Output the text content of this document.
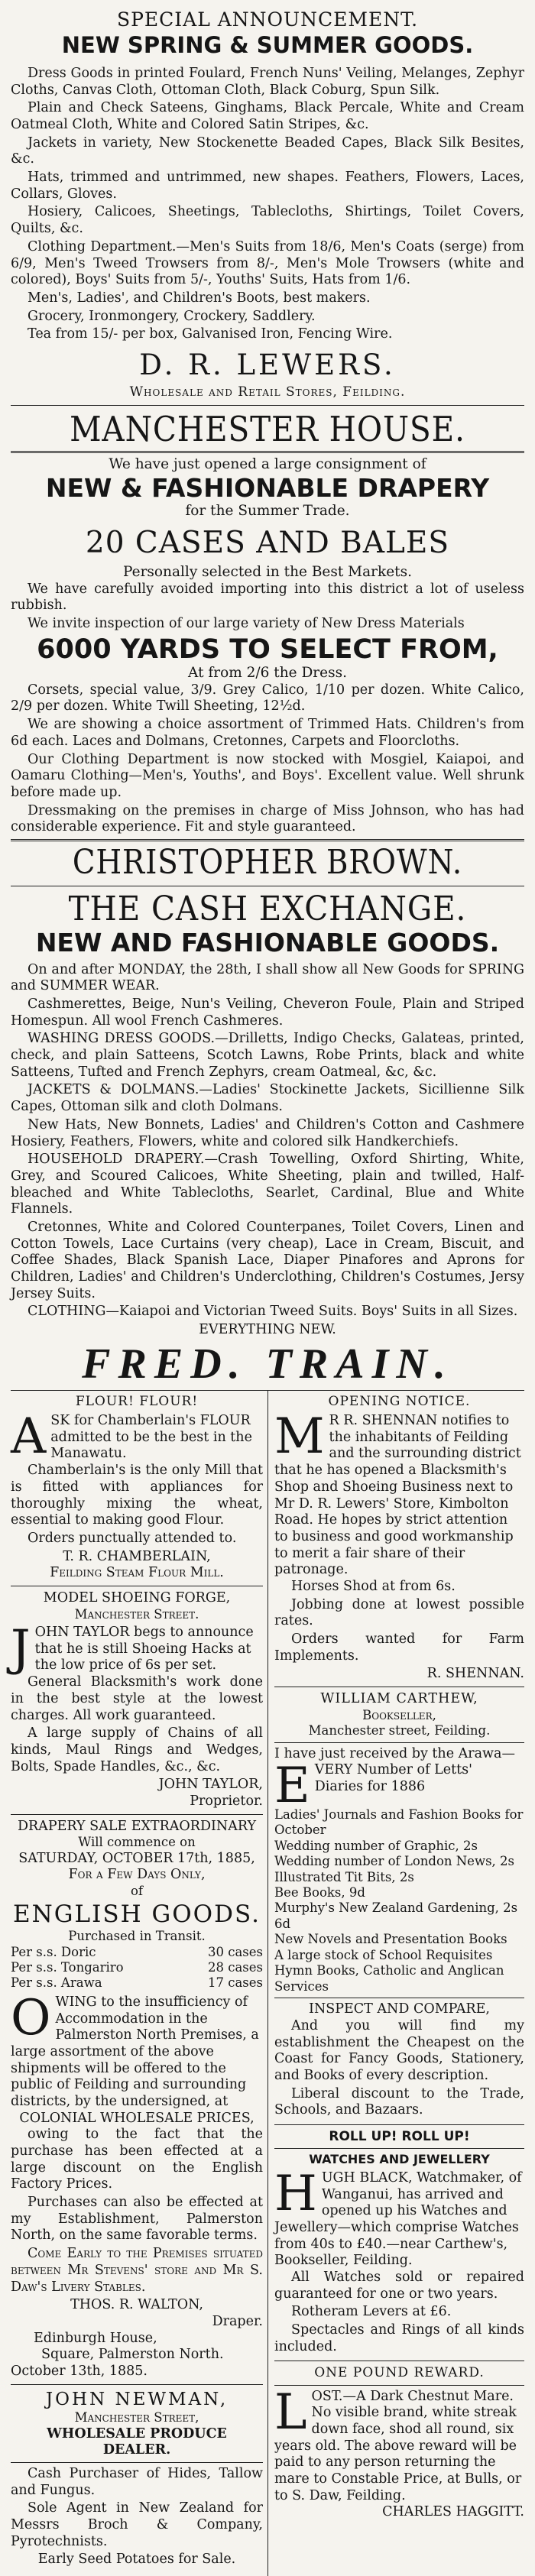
SPECIAL ANNOUNCEMENT.
NEW SPRING & SUMMER GOODS.

Dress Goods in printed Foulard, French Nuns' Veiling, Melanges, Zephyr Cloths, Canvas Cloth, Ottoman Cloth, Black Coburg, Spun Silk.

Plain and Check Sateens, Ginghams, Black Percale, White and Cream Oatmeal Cloth, White and Colored Satin Stripes, &c.

Jackets in variety, New Stockenette Beaded Capes, Black Silk Besites, &c.

Hats, trimmed and untrimmed, new shapes. Feathers, Flowers, Laces, Collars, Gloves.

Hosiery, Calicoes, Sheetings, Tablecloths, Shirtings, Toilet Covers, Quilts, &c.

Clothing Department.—Men's Suits from 18/6, Men's Coats (serge) from 6/9, Men's Tweed Trowsers from 8/-, Men's Mole Trowsers (white and colored), Boys' Suits from 5/-, Youths' Suits, Hats from 1/6.

Men's, Ladies', and Children's Boots, best makers.

Grocery, Ironmongery, Crockery, Saddlery.

Tea from 15/- per box, Galvanised Iron, Fencing Wire.

D. R. LEWERS.
Wholesale and Retail Stores, Feilding.
MANCHESTER HOUSE.
We have just opened a large consignment of
NEW & FASHIONABLE DRAPERY
for the Summer Trade.
20 CASES AND BALES
Personally selected in the Best Markets.

We have carefully avoided importing into this district a lot of useless rubbish.

We invite inspection of our large variety of New Dress Materials

6000 YARDS TO SELECT FROM,
At from 2/6 the Dress.

Corsets, special value, 3/9. Grey Calico, 1/10 per dozen. White Calico, 2/9 per dozen. White Twill Sheeting, 12½d.

We are showing a choice assortment of Trimmed Hats. Children's from 6d each. Laces and Dolmans, Cretonnes, Carpets and Floorcloths.

Our Clothing Department is now stocked with Mosgiel, Kaiapoi, and Oamaru Clothing—Men's, Youths', and Boys'. Excellent value. Well shrunk before made up.

Dressmaking on the premises in charge of Miss Johnson, who has had considerable experience. Fit and style guaranteed.

CHRISTOPHER BROWN.
THE CASH EXCHANGE.
NEW AND FASHIONABLE GOODS.

On and after MONDAY, the 28th, I shall show all New Goods for SPRING and SUMMER WEAR.

Cashmerettes, Beige, Nun's Veiling, Cheveron Foule, Plain and Striped Homespun. All wool French Cashmeres.

WASHING DRESS GOODS.—Drilletts, Indigo Checks, Galateas, printed, check, and plain Satteens, Scotch Lawns, Robe Prints, black and white Satteens, Tufted and French Zephyrs, cream Oatmeal, &c, &c.

JACKETS & DOLMANS.—Ladies' Stockinette Jackets, Sicillienne Silk Capes, Ottoman silk and cloth Dolmans.

New Hats, New Bonnets, Ladies' and Children's Cotton and Cashmere Hosiery, Feathers, Flowers, white and colored silk Handkerchiefs.

HOUSEHOLD DRAPERY.—Crash Towelling, Oxford Shirting, White, Grey, and Scoured Calicoes, White Sheeting, plain and twilled, Half-bleached and White Tablecloths, Searlet, Cardinal, Blue and White Flannels.

Cretonnes, White and Colored Counterpanes, Toilet Covers, Linen and Cotton Towels, Lace Curtains (very cheap), Lace in Cream, Biscuit, and Coffee Shades, Black Spanish Lace, Diaper Pinafores and Aprons for Children, Ladies' and Children's Underclothing, Children's Costumes, Jersy Jersey Suits.

CLOTHING—Kaiapoi and Victorian Tweed Suits. Boys' Suits in all Sizes.

EVERYTHING NEW.
FRED. TRAIN.
FLOUR! FLOUR!
A SK for Chamberlain's FLOUR admitted to be the best in the Manawatu.

Chamberlain's is the only Mill that is fitted with appliances for thoroughly mixing the wheat, essential to making good Flour.

Orders punctually attended to.

T. R. CHAMBERLAIN,
Feilding Steam Flour Mill.
MODEL SHOEING FORGE,
Manchester Street.
J OHN TAYLOR begs to announce that he is still Shoeing Hacks at the low price of 6s per set.

General Blacksmith's work done in the best style at the lowest charges. All work guaranteed.

A large supply of Chains of all kinds, Maul Rings and Wedges, Bolts, Spade Handles, &c., &c.

JOHN TAYLOR,
Proprietor.
DRAPERY SALE EXTRAORDINARY
Will commence on
SATURDAY, OCTOBER 17th, 1885,
For a Few Days Only,
of
ENGLISH GOODS.
Purchased in Transit.
Per s.s. Doric	30 cases
Per s.s. Tongariro	28 cases
Per s.s. Arawa	17 cases
O WING to the insufficiency of Accommodation in the Palmerston North Premises, a large assortment of the above shipments will be offered to the public of Feilding and surrounding districts, by the undersigned, at
COLONIAL WHOLESALE PRICES,

owing to the fact that the purchase has been effected at a large discount on the English Factory Prices.

Purchases can also be effected at my Establishment, Palmerston North, on the same favorable terms.

Come Early to the Premises situated between Mr Stevens' store and Mr S. Daw's Livery Stables.

THOS. R. WALTON,
Draper.
Edinburgh House,
Square, Palmerston North.
October 13th, 1885.
JOHN NEWMAN,
Manchester Street,
WHOLESALE PRODUCE DEALER.

Cash Purchaser of Hides, Tallow and Fungus.

Sole Agent in New Zealand for Messrs Broch & Company, Pyrotechnists.

Early Seed Potatoes for Sale.
OPENING NOTICE.
M R R. SHENNAN notifies to the inhabitants of Feilding and the surrounding district that he has opened a Blacksmith's Shop and Shoeing Business next to Mr D. R. Lewers' Store, Kimbolton Road. He hopes by strict attention to business and good workmanship to merit a fair share of their patronage.

Horses Shod at from 6s.

Jobbing done at lowest possible rates.

Orders wanted for Farm Implements.

R. SHENNAN.
WILLIAM CARTHEW,
Bookseller,
Manchester street, Feilding.
I have just received by the Arawa—
E VERY Number of Letts' Diaries for 1886
Ladies' Journals and Fashion Books for October
Wedding number of Graphic, 2s
Wedding number of London News, 2s
Illustrated Tit Bits, 2s
Bee Books, 9d
Murphy's New Zealand Gardening, 2s 6d
New Novels and Presentation Books
A large stock of School Requisites
Hymn Books, Catholic and Anglican Services
INSPECT AND COMPARE,

And you will find my establishment the Cheapest on the Coast for Fancy Goods, Stationery, and Books of every description.

Liberal discount to the Trade, Schools, and Bazaars.

ROLL UP! ROLL UP!
WATCHES AND JEWELLERY
H UGH BLACK, Watchmaker, of Wanganui, has arrived and opened up his Watches and Jewellery—which comprise Watches from 40s to £40.—near Carthew's, Bookseller, Feilding.

All Watches sold or repaired guaranteed for one or two years.

Rotheram Levers at £6.

Spectacles and Rings of all kinds included.

ONE POUND REWARD.
L OST.—A Dark Chestnut Mare. No visible brand, white streak down face, shod all round, six years old. The above reward will be paid to any person returning the mare to Constable Price, at Bulls, or to S. Daw, Feilding.
CHARLES HAGGITT.
